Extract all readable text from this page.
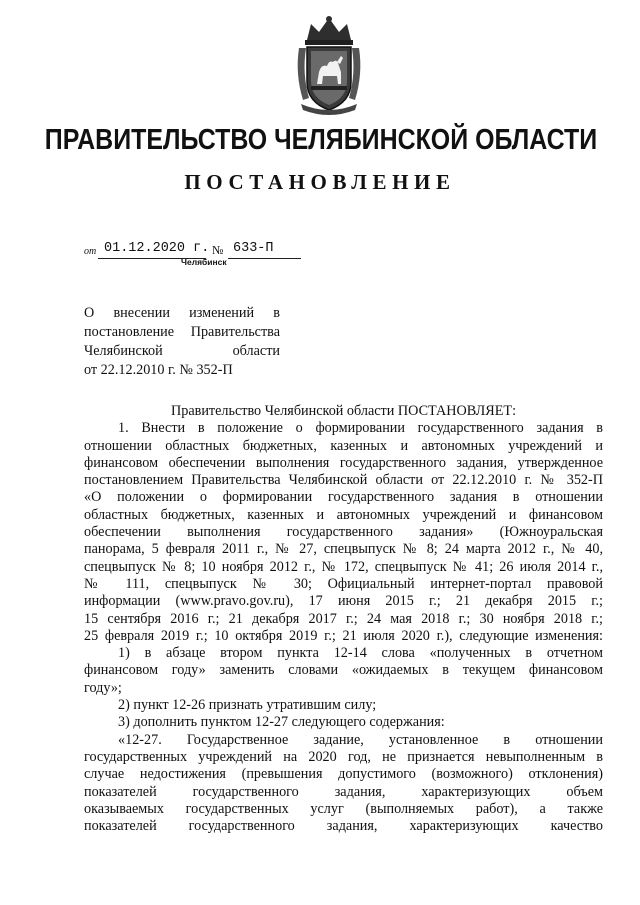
ПРАВИТЕЛЬСТВО ЧЕЛЯБИНСКОЙ ОБЛАСТИ
ПОСТАНОВЛЕНИЕ
от 01.12.2020 г. № 633-П
Челябинск
О внесении изменений в
постановление Правительства
Челябинской области
от 22.12.2010 г. № 352-П
Правительство Челябинской области ПОСТАНОВЛЯЕТ:
1. Внести в положение о формировании государственного задания в
отношении областных бюджетных, казенных и автономных учреждений и
финансовом обеспечении выполнения государственного задания, утвержденное
постановлением Правительства Челябинской области от 22.12.2010 г. № 352-П
«О положении о формировании государственного задания в отношении
областных бюджетных, казенных и автономных учреждений и финансовом
обеспечении выполнения государственного задания» (Южноуральская
панорама, 5 февраля 2011 г., № 27, спецвыпуск № 8; 24 марта 2012 г., № 40,
спецвыпуск № 8; 10 ноября 2012 г., № 172, спецвыпуск № 41; 26 июля 2014 г.,
№ 111, спецвыпуск № 30; Официальный интернет-портал правовой
информации (www.pravo.gov.ru), 17 июня 2015 г.; 21 декабря 2015 г.;
15 сентября 2016 г.; 21 декабря 2017 г.; 24 мая 2018 г.; 30 ноября 2018 г.;
25 февраля 2019 г.; 10 октября 2019 г.; 21 июля 2020 г.), следующие изменения:
1) в абзаце втором пункта 12-14 слова «полученных в отчетном
финансовом году» заменить словами «ожидаемых в текущем финансовом
году»;
2) пункт 12-26 признать утратившим силу;
3) дополнить пунктом 12-27 следующего содержания:
«12-27. Государственное задание, установленное в отношении
государственных учреждений на 2020 год, не признается невыполненным в
случае недостижения (превышения допустимого (возможного) отклонения)
показателей государственного задания, характеризующих объем
оказываемых государственных услуг (выполняемых работ), а также
показателей государственного задания, характеризующих качество
